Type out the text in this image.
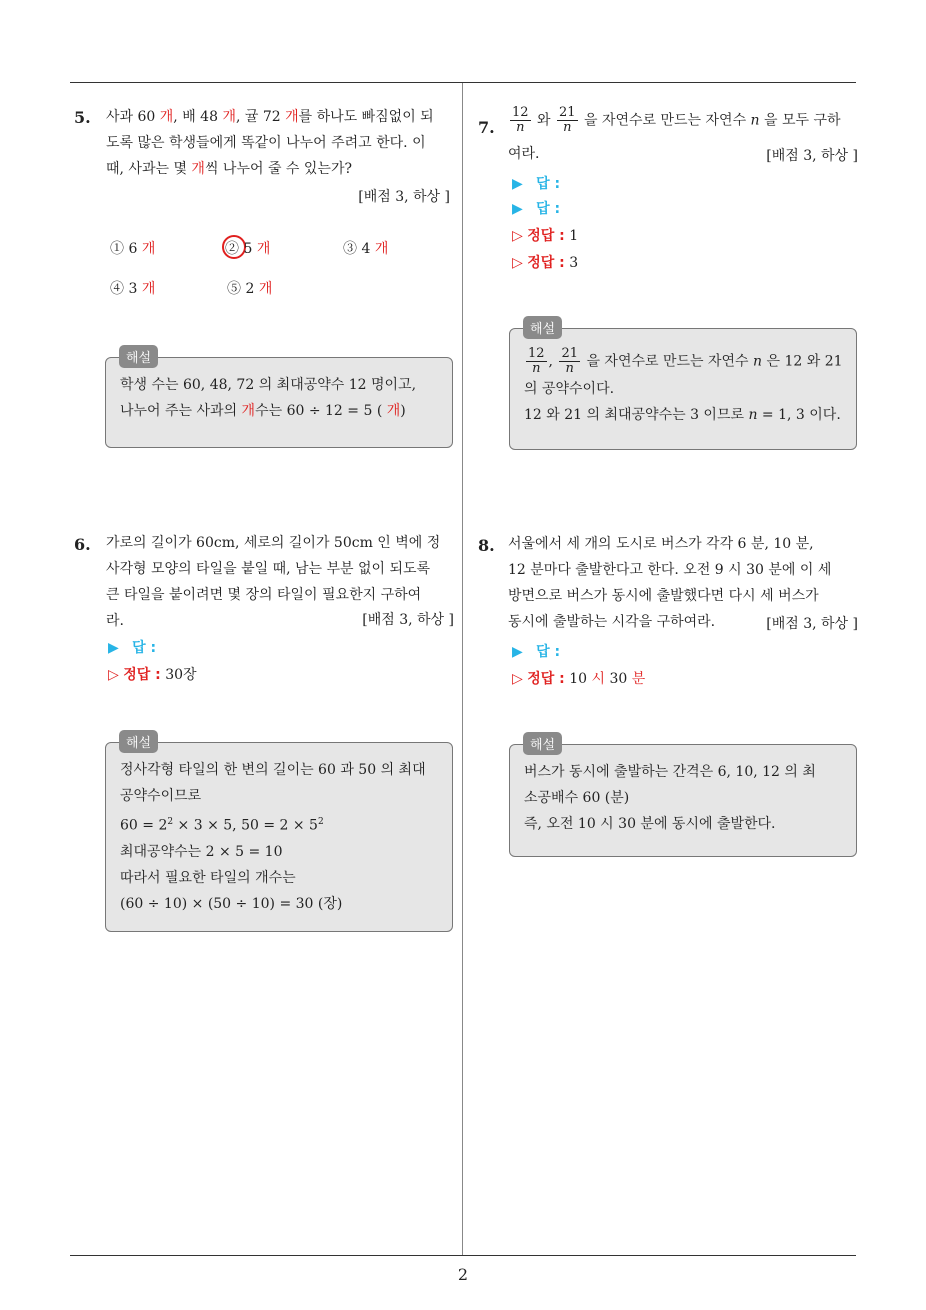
5. 사과 60 개, 배 48 개, 귤 72 개를 하나도 빠짐없이 되
도록 많은 학생들에게 똑같이 나누어 주려고 한다. 이
때, 사과는 몇 개씩 나누어 줄 수 있는가?
[배점 3, 하상 ]
① 6 개	② 5 개	③ 4 개
④ 3 개	⑤ 2 개
학생 수는 60, 48, 72 의 최대공약수 12 명이고,
나누어 주는 사과의 개수는 60 ÷ 12 = 5 ( 개)
해설
6. 가로의 길이가 60cm, 세로의 길이가 50cm 인 벽에 정
사각형 모양의 타일을 붙일 때, 남는 부분 없이 되도록
큰 타일을 붙이려면 몇 장의 타일이 필요한지 구하여
라.	[배점 3, 하상 ]
▶ 답 :
▷ 정답 : 30장
정사각형 타일의 한 변의 길이는 60 과 50 의 최대
공약수이므로
$60 = 2^2 \times 3 \times 5$, $50 = 2 \times 5^2$
최대공약수는 2 × 5 = 10
따라서 필요한 타일의 개수는
(60 ÷ 10) × (50 ÷ 10) = 30 (장)
해설
7. $\frac{12}{n}$ 와 $\frac{21}{n}$ 을 자연수로 만드는 자연수 n 을 모두 구하
여라.	[배점 3, 하상 ]
▶ 답 :
▶ 답 :
▷ 정답 : 1
▷ 정답 : 3
$\frac{12}{n}$ , $\frac{21}{n}$ 을 자연수로 만드는 자연수 n 은 12 와 21
의 공약수이다.
12 와 21 의 최대공약수는 3 이므로 n = 1, 3 이다.
해설
8. 서울에서 세 개의 도시로 버스가 각각 6 분, 10 분,
12 분마다 출발한다고 한다. 오전 9 시 30 분에 이 세
방면으로 버스가 동시에 출발했다면 다시 세 버스가
동시에 출발하는 시각을 구하여라.	[배점 3, 하상 ]
▶ 답 :
▷ 정답 : 10 시 30 분
버스가 동시에 출발하는 간격은 6, 10, 12 의 최
소공배수 60 (분)
즉, 오전 10 시 30 분에 동시에 출발한다.
해설
2
